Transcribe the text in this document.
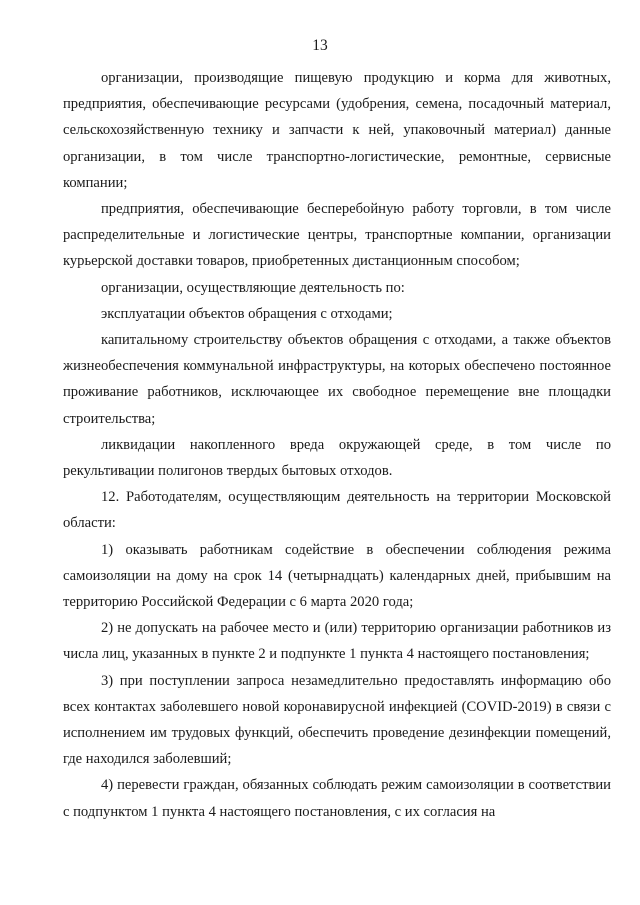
13

организации, производящие пищевую продукцию и корма для животных, предприятия, обеспечивающие ресурсами (удобрения, семена, посадочный материал, сельскохозяйственную технику и запчасти к ней, упаковочный материал) данные организации, в том числе транспортно-логистические, ремонтные, сервисные компании;

предприятия, обеспечивающие бесперебойную работу торговли, в том числе распределительные и логистические центры, транспортные компании, организации курьерской доставки товаров, приобретенных дистанционным способом;

организации, осуществляющие деятельность по:

эксплуатации объектов обращения с отходами;

капитальному строительству объектов обращения с отходами, а также объектов жизнеобеспечения коммунальной инфраструктуры, на которых обеспечено постоянное проживание работников, исключающее их свободное перемещение вне площадки строительства;

ликвидации накопленного вреда окружающей среде, в том числе по рекультивации полигонов твердых бытовых отходов.

12. Работодателям, осуществляющим деятельность на территории Московской области:

1) оказывать работникам содействие в обеспечении соблюдения режима самоизоляции на дому на срок 14 (четырнадцать) календарных дней, прибывшим на территорию Российской Федерации с 6 марта 2020 года;

2) не допускать на рабочее место и (или) территорию организации работников из числа лиц, указанных в пункте 2 и подпункте 1 пункта 4 настоящего постановления;

3) при поступлении запроса незамедлительно предоставлять информацию обо всех контактах заболевшего новой коронавирусной инфекцией (COVID-2019) в связи с исполнением им трудовых функций, обеспечить проведение дезинфекции помещений, где находился заболевший;

4) перевести граждан, обязанных соблюдать режим самоизоляции в соответствии с подпунктом 1 пункта 4 настоящего постановления, с их согласия на
